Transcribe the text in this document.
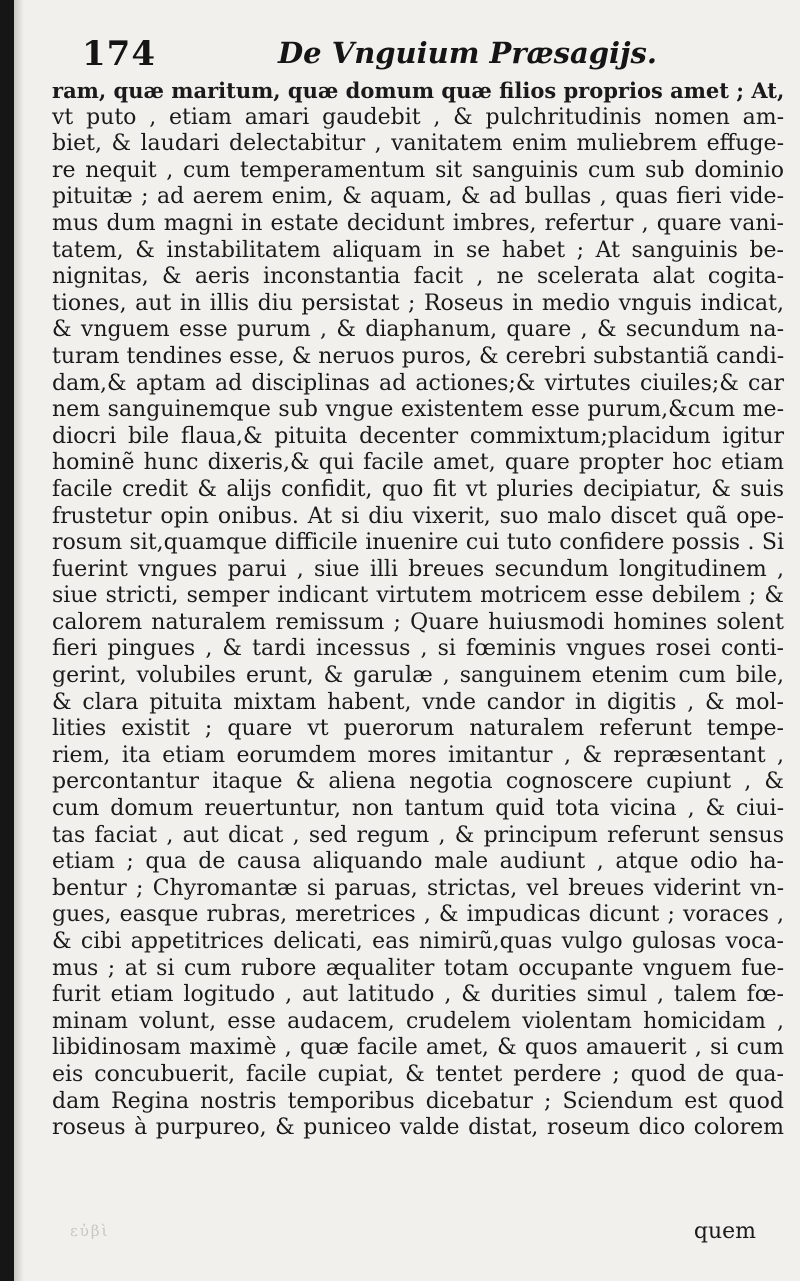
174	De Vnguium Præsagijs.
ram, quæ maritum, quæ domum quæ filios proprios amet ; At,
vt puto , etiam amari gaudebit , & pulchritudinis nomen am-
biet, & laudari delectabitur , vanitatem enim muliebrem effuge-
re nequit , cum temperamentum sit sanguinis cum sub dominio
pituitæ ; ad aerem enim, & aquam, & ad bullas , quas fieri vide-
mus dum magni in estate decidunt imbres, refertur , quare vani-
tatem, & instabilitatem aliquam in se habet ; At sanguinis be-
nignitas, & aeris inconstantia facit , ne scelerata alat cogita-
tiones, aut in illis diu persistat ; Roseus in medio vnguis indicat,
& vnguem esse purum , & diaphanum, quare , & secundum na-
turam tendines esse, & neruos puros, & cerebri substantiã candi-
dam,& aptam ad disciplinas ad actiones;& virtutes ciuiles;& car
nem sanguinemque sub vngue existentem esse purum,&cum me-
diocri bile flaua,& pituita decenter commixtum;placidum igitur
hominẽ hunc dixeris,& qui facile amet, quare propter hoc etiam
facile credit & alijs confidit, quo fit vt pluries decipiatur, & suis
frustetur opin onibus. At si diu vixerit, suo malo discet quã ope-
rosum sit,quamque difficile inuenire cui tuto confidere possis . Si
fuerint vngues parui , siue illi breues secundum longitudinem ,
siue stricti, semper indicant virtutem motricem esse debilem ; &
calorem naturalem remissum ; Quare huiusmodi homines solent
fieri pingues , & tardi incessus , si fœminis vngues rosei conti-
gerint, volubiles erunt, & garulæ , sanguinem etenim cum bile,
& clara pituita mixtam habent, vnde candor in digitis , & mol-
lities existit ; quare vt puerorum naturalem referunt tempe-
riem, ita etiam eorumdem mores imitantur , & repræsentant ,
percontantur itaque & aliena negotia cognoscere cupiunt , &
cum domum reuertuntur, non tantum quid tota vicina , & ciui-
tas faciat , aut dicat , sed regum , & principum referunt sensus
etiam ; qua de causa aliquando male audiunt , atque odio ha-
bentur ; Chyromantæ si paruas, strictas, vel breues viderint vn-
gues, easque rubras, meretrices , & impudicas dicunt ; voraces ,
& cibi appetitrices delicati, eas nimirũ,quas vulgo gulosas voca-
mus ; at si cum rubore æqualiter totam occupante vnguem fue-
furit etiam logitudo , aut latitudo , & durities simul , talem fœ-
minam volunt, esse audacem, crudelem violentam homicidam ,
libidinosam maximè , quæ facile amet, & quos amauerit , si cum
eis concubuerit, facile cupiat, & tentet perdere ; quod de qua-
dam Regina nostris temporibus dicebatur ; Sciendum est quod
roseus à purpureo, & puniceo valde distat, roseum dico colorem
εὐβὶ	quem
